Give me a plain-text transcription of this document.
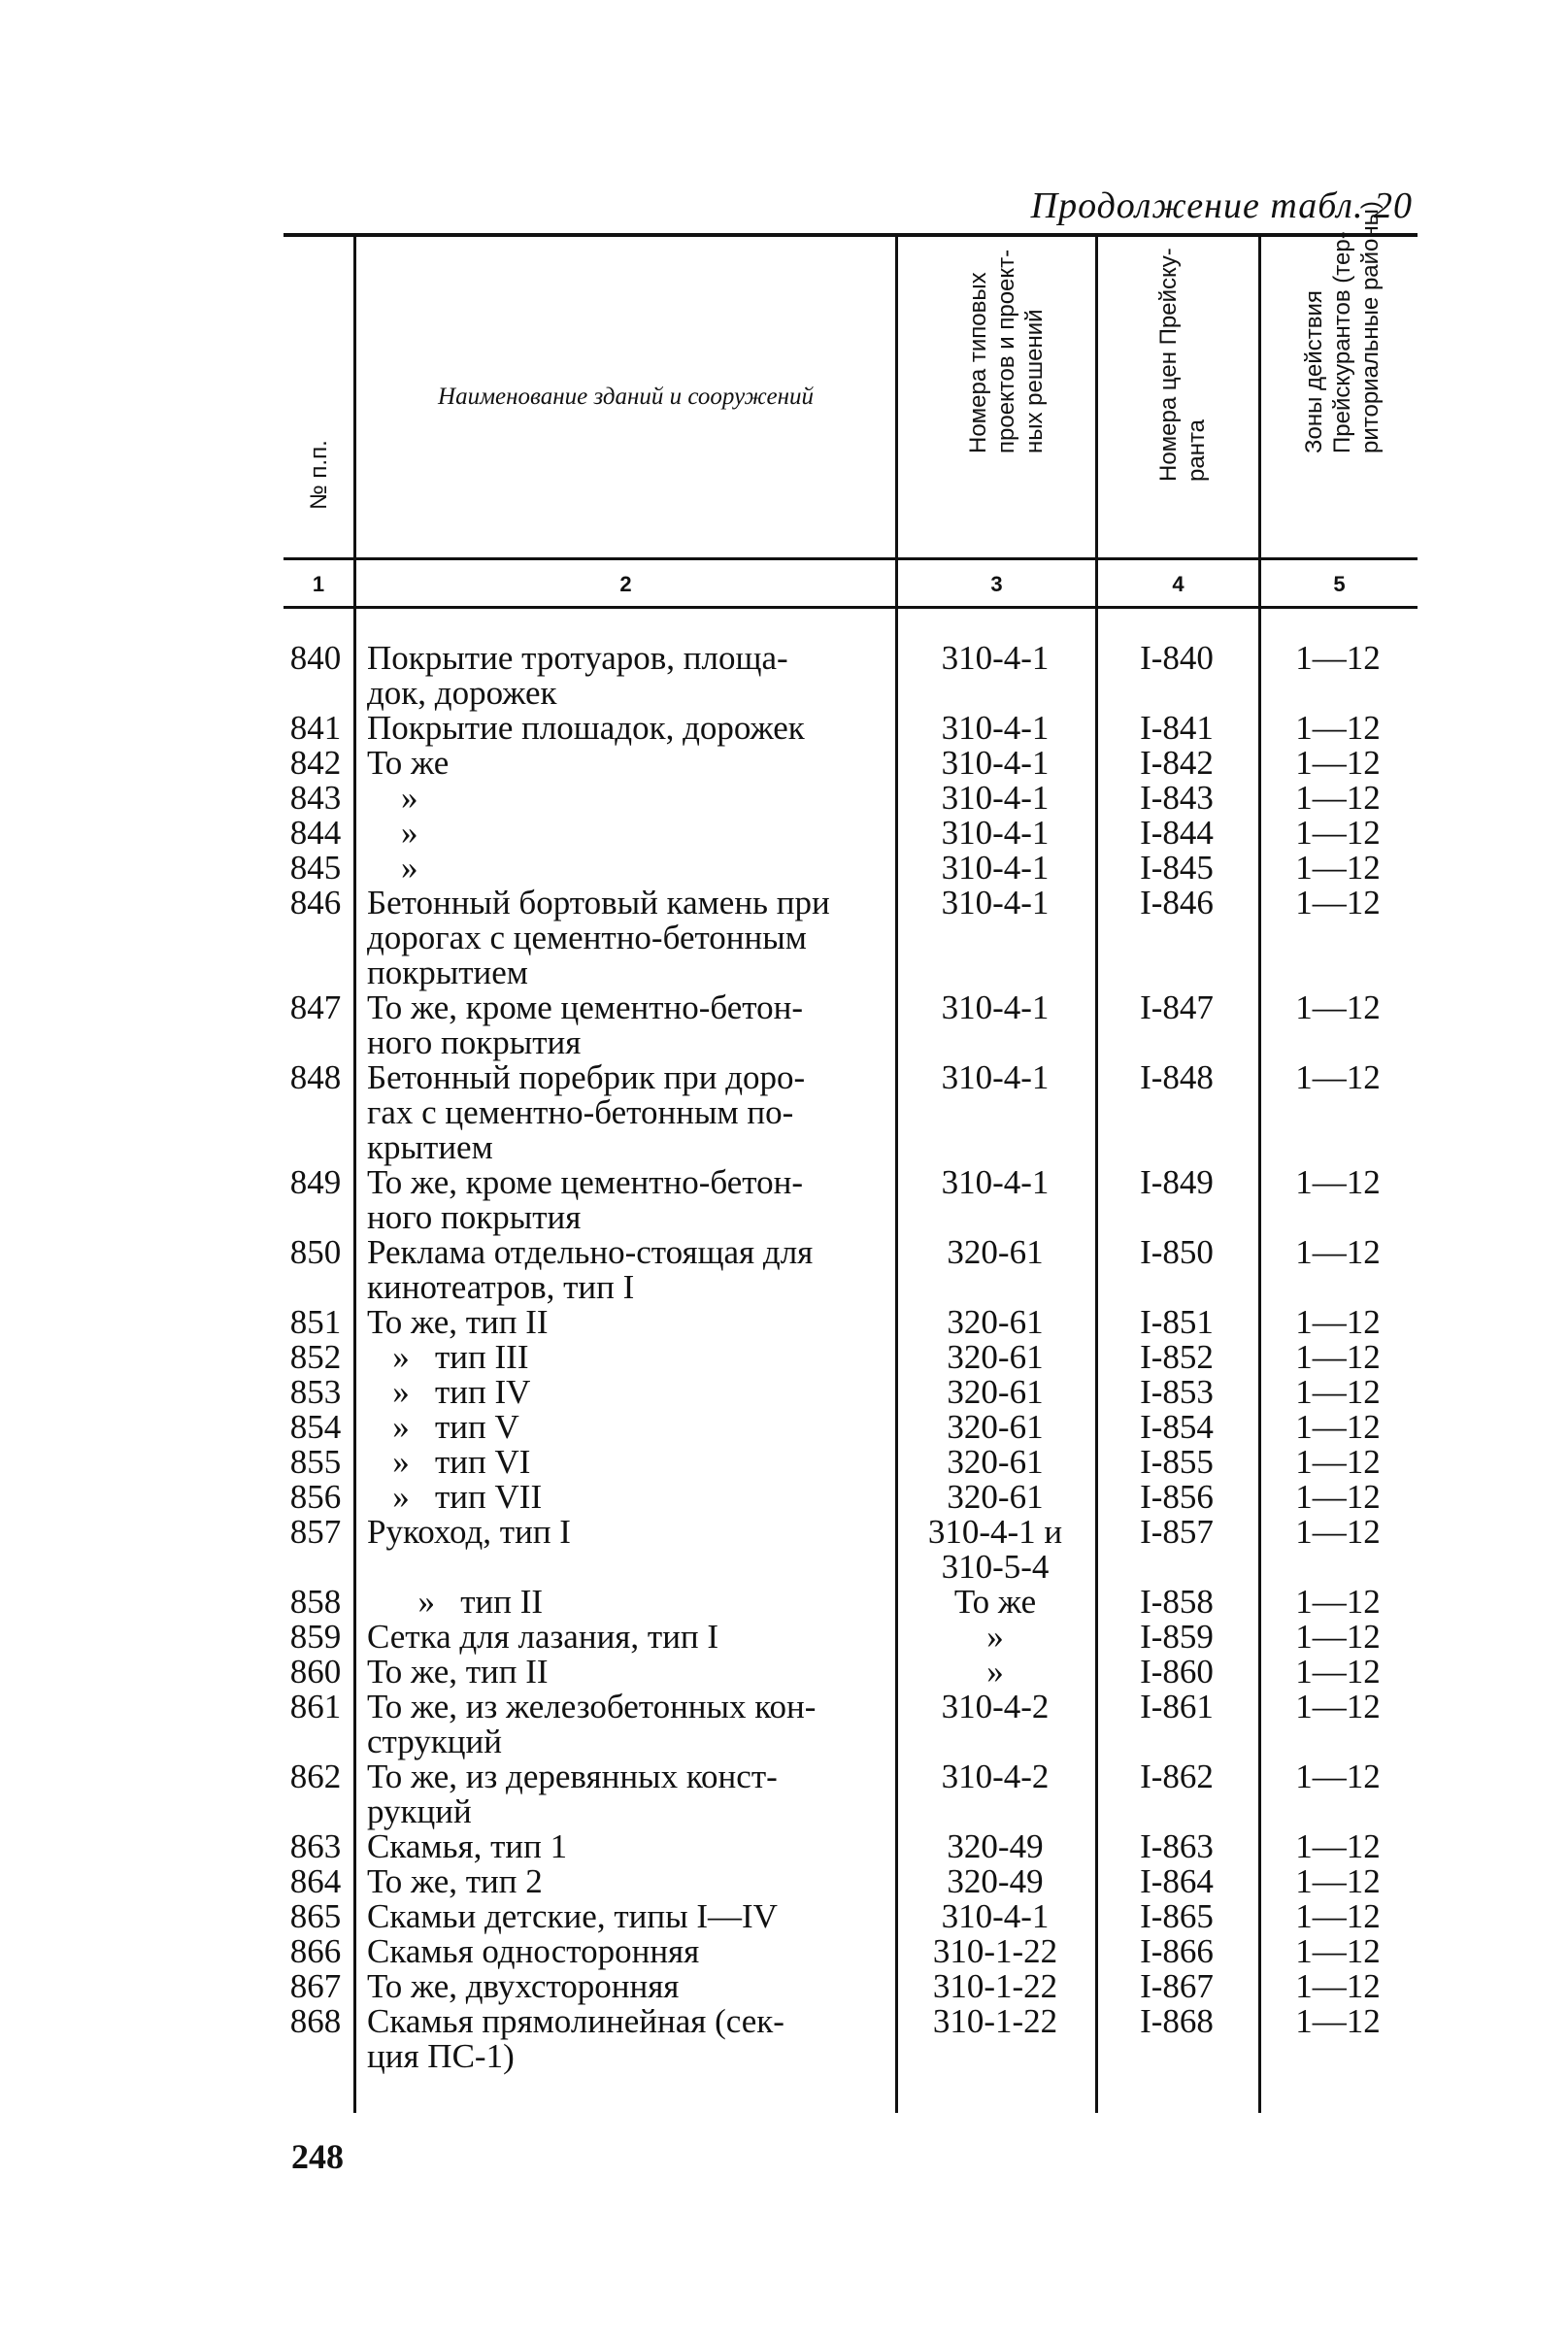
Продолжение табл. 20
№ п.п.
Наименование зданий и сооружений	Номера типовых проектов и проект- ных решений	Номера цен Прейску- ранта	Зоны действия Прейскурантов (тер- риториальные районы)
1	2	3	4	5
840 Покрытие тротуаров, площа-
док, дорожек
310-4-1	I-840	1—12
841 Покрытие плошадок, дорожек	310-4-1	I-841	1—12
842 То же	310-4-1	I-842	1—12
843 »	310-4-1	I-843	1—12
844 »	310-4-1	I-844	1—12
845 »	310-4-1	I-845	1—12
846 Бетонный бортовый камень при
дорогах с цементно-бетонным
покрытием
310-4-1	I-846	1—12
847 То же, кроме цементно-бетон-
ного покрытия
310-4-1	I-847	1—12
848 Бетонный поребрик при доро-
гах с цементно-бетонным по-
крытием
310-4-1	I-848	1—12
849 То же, кроме цементно-бетон-
ного покрытия
310-4-1	I-849	1—12
850 Реклама отдельно-стоящая для
кинотеатров, тип I
320-61	I-850	1—12
851 То же, тип II	320-61	I-851	1—12
852 »   тип III	320-61	I-852	1—12
853 »   тип IV	320-61	I-853	1—12
854 »   тип V	320-61	I-854	1—12
855 »   тип VI	320-61	I-855	1—12
856 »   тип VII	320-61	I-856	1—12
857 Рукоход, тип I	310-4-1 и
310-5-4
I-857	1—12
858 »   тип II	То же	I-858	1—12
859 Сетка для лазания, тип I	»	I-859	1—12
860 То же, тип II	»	I-860	1—12
861 То же, из железобетонных кон-
струкций
310-4-2	I-861	1—12
862 То же, из деревянных конст-
рукций
310-4-2	I-862	1—12
863 Скамья, тип 1	320-49	I-863	1—12
864 То же, тип 2	320-49	I-864	1—12
865 Скамьи детские, типы I—IV	310-4-1	I-865	1—12
866 Скамья односторонняя	310-1-22	I-866	1—12
867 То же, двухсторонняя	310-1-22	I-867	1—12
868 Скамья прямолинейная (сек-
ция ПС-1)
310-1-22	I-868	1—12
248
